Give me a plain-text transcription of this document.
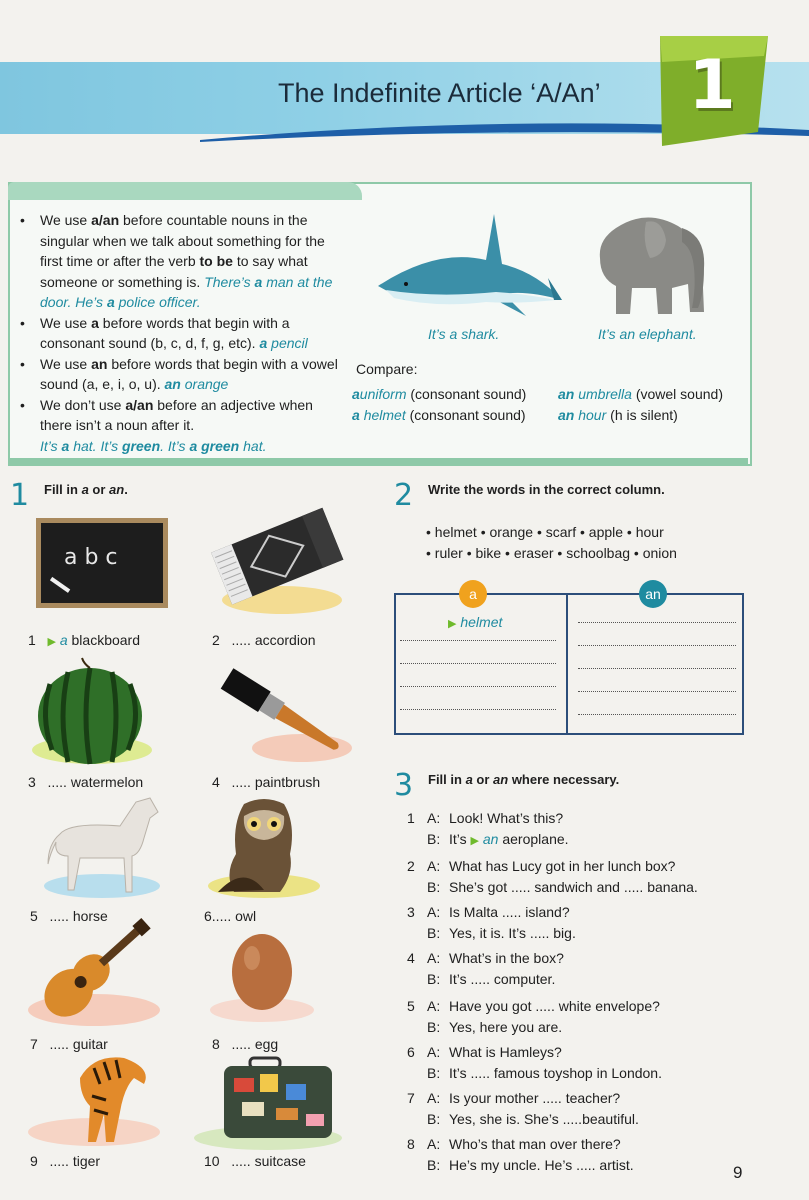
The Indefinite Article ‘A/An’	1
• We use a/an before countable nouns in the singular when we talk about something for the first time or after the verb to be to say what someone or something is. There’s a man at the door. He’s a police officer.
• We use a before words that begin with a consonant sound (b, c, d, f, g, etc). a pencil
• We use an before words that begin with a vowel sound (a, e, i, o, u). an orange
• We don’t use a/an before an adjective when there isn’t a noun after it.
It’s a hat. It’s green. It’s a green hat.
It’s a shark.	It’s an elephant.
Compare:
auniform (consonant sound) an umbrella (vowel sound)
a helmet (consonant sound) an hour (h is silent)
1 Fill in a or an.
a b c
1 ▶ a blackboard	2 ..... accordion
3 ..... watermelon	4 ..... paintbrush
5 ..... horse	6..... owl
7 ..... guitar	8 ..... egg
9 ..... tiger	10 ..... suitcase
2 Write the words in the correct column.
• helmet • orange • scarf • apple • hour
• ruler • bike • eraser • schoolbag • onion
a	an
▶ helmet
3 Fill in a or an where necessary.
1 A: Look! What’s this?
B: It’s ▶ an aeroplane.
2 A: What has Lucy got in her lunch box?
B: She’s got ..... sandwich and ..... banana.
3 A: Is Malta ..... island?
B: Yes, it is. It’s ..... big.
4 A: What’s in the box?
B: It’s ..... computer.
5 A: Have you got ..... white envelope?
B: Yes, here you are.
6 A: What is Hamleys?
B: It’s ..... famous toyshop in London.
7 A: Is your mother ..... teacher?
B: Yes, she is. She’s .....beautiful.
8 A: Who’s that man over there?
B: He’s my uncle. He’s ..... artist.	9
